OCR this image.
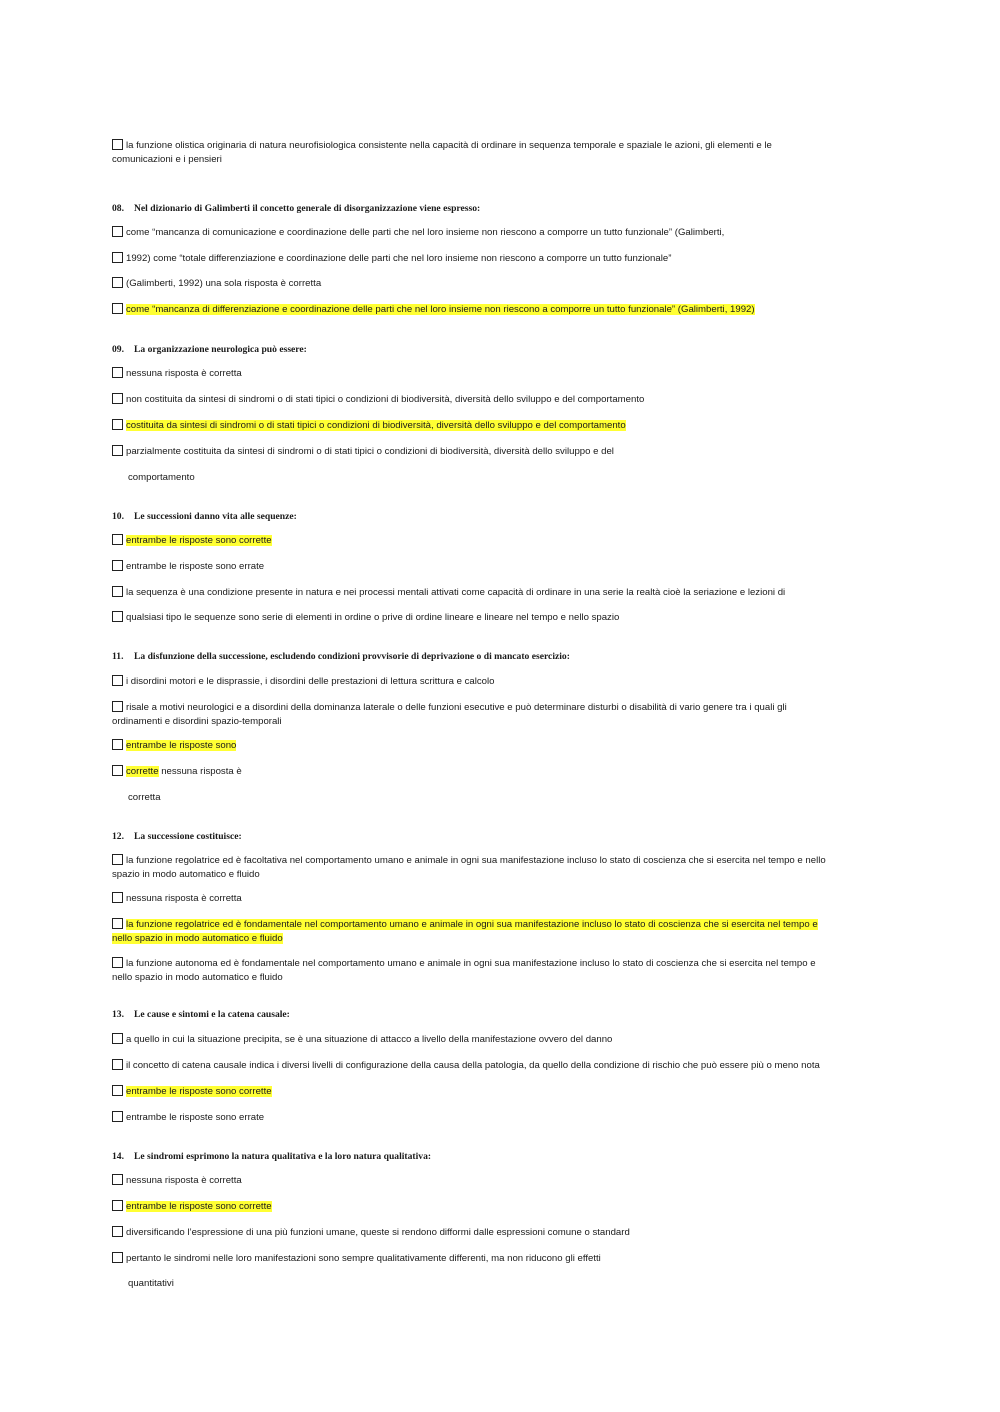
la funzione olistica originaria di natura neurofisiologica consistente nella capacità di ordinare in sequenza temporale e spaziale le azioni, gli elementi e le
comunicazioni e i pensieri
08. Nel dizionario di Galimberti il concetto generale di disorganizzazione viene espresso:
come “mancanza di comunicazione e coordinazione delle parti che nel loro insieme non riescono a comporre un tutto funzionale” (Galimberti,
1992) come “totale differenziazione e coordinazione delle parti che nel loro insieme non riescono a comporre un tutto funzionale”
(Galimberti, 1992) una sola risposta è corretta
come “mancanza di differenziazione e coordinazione delle parti che nel loro insieme non riescono a comporre un tutto funzionale” (Galimberti, 1992)
09. La organizzazione neurologica può essere:
nessuna risposta è corretta
non costituita da sintesi di sindromi o di stati tipici o condizioni di biodiversità, diversità dello sviluppo e del comportamento
costituita da sintesi di sindromi o di stati tipici o condizioni di biodiversità, diversità dello sviluppo e del comportamento
parzialmente costituita da sintesi di sindromi o di stati tipici o condizioni di biodiversità, diversità dello sviluppo e del
comportamento
10. Le successioni danno vita alle sequenze:
entrambe le risposte sono corrette
entrambe le risposte sono errate
la sequenza è una condizione presente in natura e nei processi mentali attivati come capacità di ordinare in una serie la realtà cioè la seriazione e lezioni di
qualsiasi tipo le sequenze sono serie di elementi in ordine o prive di ordine lineare e lineare nel tempo e nello spazio
11. La disfunzione della successione, escludendo condizioni provvisorie di deprivazione o di mancato esercizio:
i disordini motori e le disprassie, i disordini delle prestazioni di lettura scrittura e calcolo
risale a motivi neurologici e a disordini della dominanza laterale o delle funzioni esecutive e può determinare disturbi o disabilità di vario genere tra i quali gli
ordinamenti e disordini spazio-temporali
entrambe le risposte sono
corrette nessuna risposta è
corretta
12. La successione costituisce:
la funzione regolatrice ed è facoltativa nel comportamento umano e animale in ogni sua manifestazione incluso lo stato di coscienza che si esercita nel tempo e nello
spazio in modo automatico e fluido
nessuna risposta è corretta
la funzione regolatrice ed è fondamentale nel comportamento umano e animale in ogni sua manifestazione incluso lo stato di coscienza che si esercita nel tempo e
nello spazio in modo automatico e fluido
la funzione autonoma ed è fondamentale nel comportamento umano e animale in ogni sua manifestazione incluso lo stato di coscienza che si esercita nel tempo e
nello spazio in modo automatico e fluido
13. Le cause e sintomi e la catena causale:
a quello in cui la situazione precipita, se è una situazione di attacco a livello della manifestazione ovvero del danno
il concetto di catena causale indica i diversi livelli di configurazione della causa della patologia, da quello della condizione di rischio che può essere più o meno nota
entrambe le risposte sono corrette
entrambe le risposte sono errate
14. Le sindromi esprimono la natura qualitativa e la loro natura qualitativa:
nessuna risposta è corretta
entrambe le risposte sono corrette
diversificando l’espressione di una più funzioni umane, queste si rendono difformi dalle espressioni comune o standard
pertanto le sindromi nelle loro manifestazioni sono sempre qualitativamente differenti, ma non riducono gli effetti
quantitativi
